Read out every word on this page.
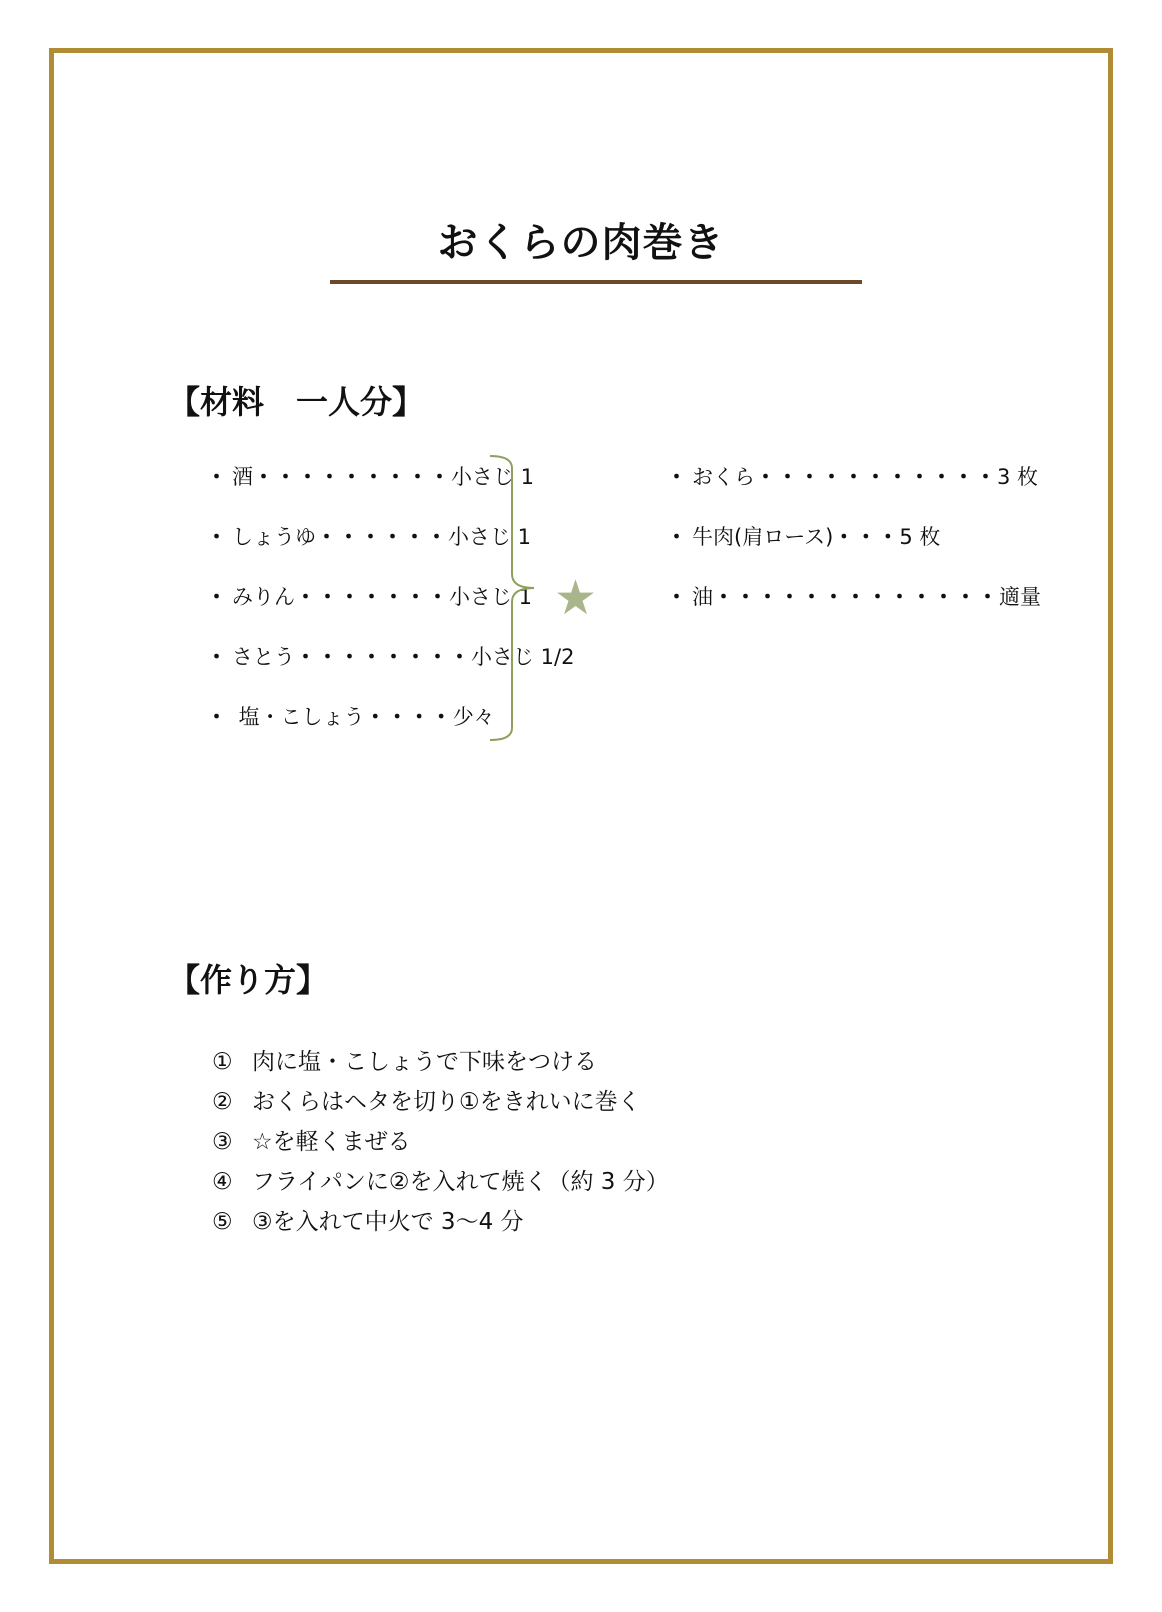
おくらの肉巻き
【材料　一人分】
・ 酒・・・・・・・・・小さじ 1
・ しょうゆ・・・・・・小さじ 1
・ みりん・・・・・・・小さじ 1
・ さとう・・・・・・・・小さじ 1/2
・ 塩・こしょう・・・・少々
★
・ おくら・・・・・・・・・・・3 枚
・ 牛肉(肩ロース)・・・5 枚
・ 油・・・・・・・・・・・・・適量
【作り方】
① 肉に塩・こしょうで下味をつける
② おくらはヘタを切り①をきれいに巻く
③ ☆を軽くまぜる
④ フライパンに②を入れて焼く（約 3 分）
⑤ ③を入れて中火で 3〜4 分
